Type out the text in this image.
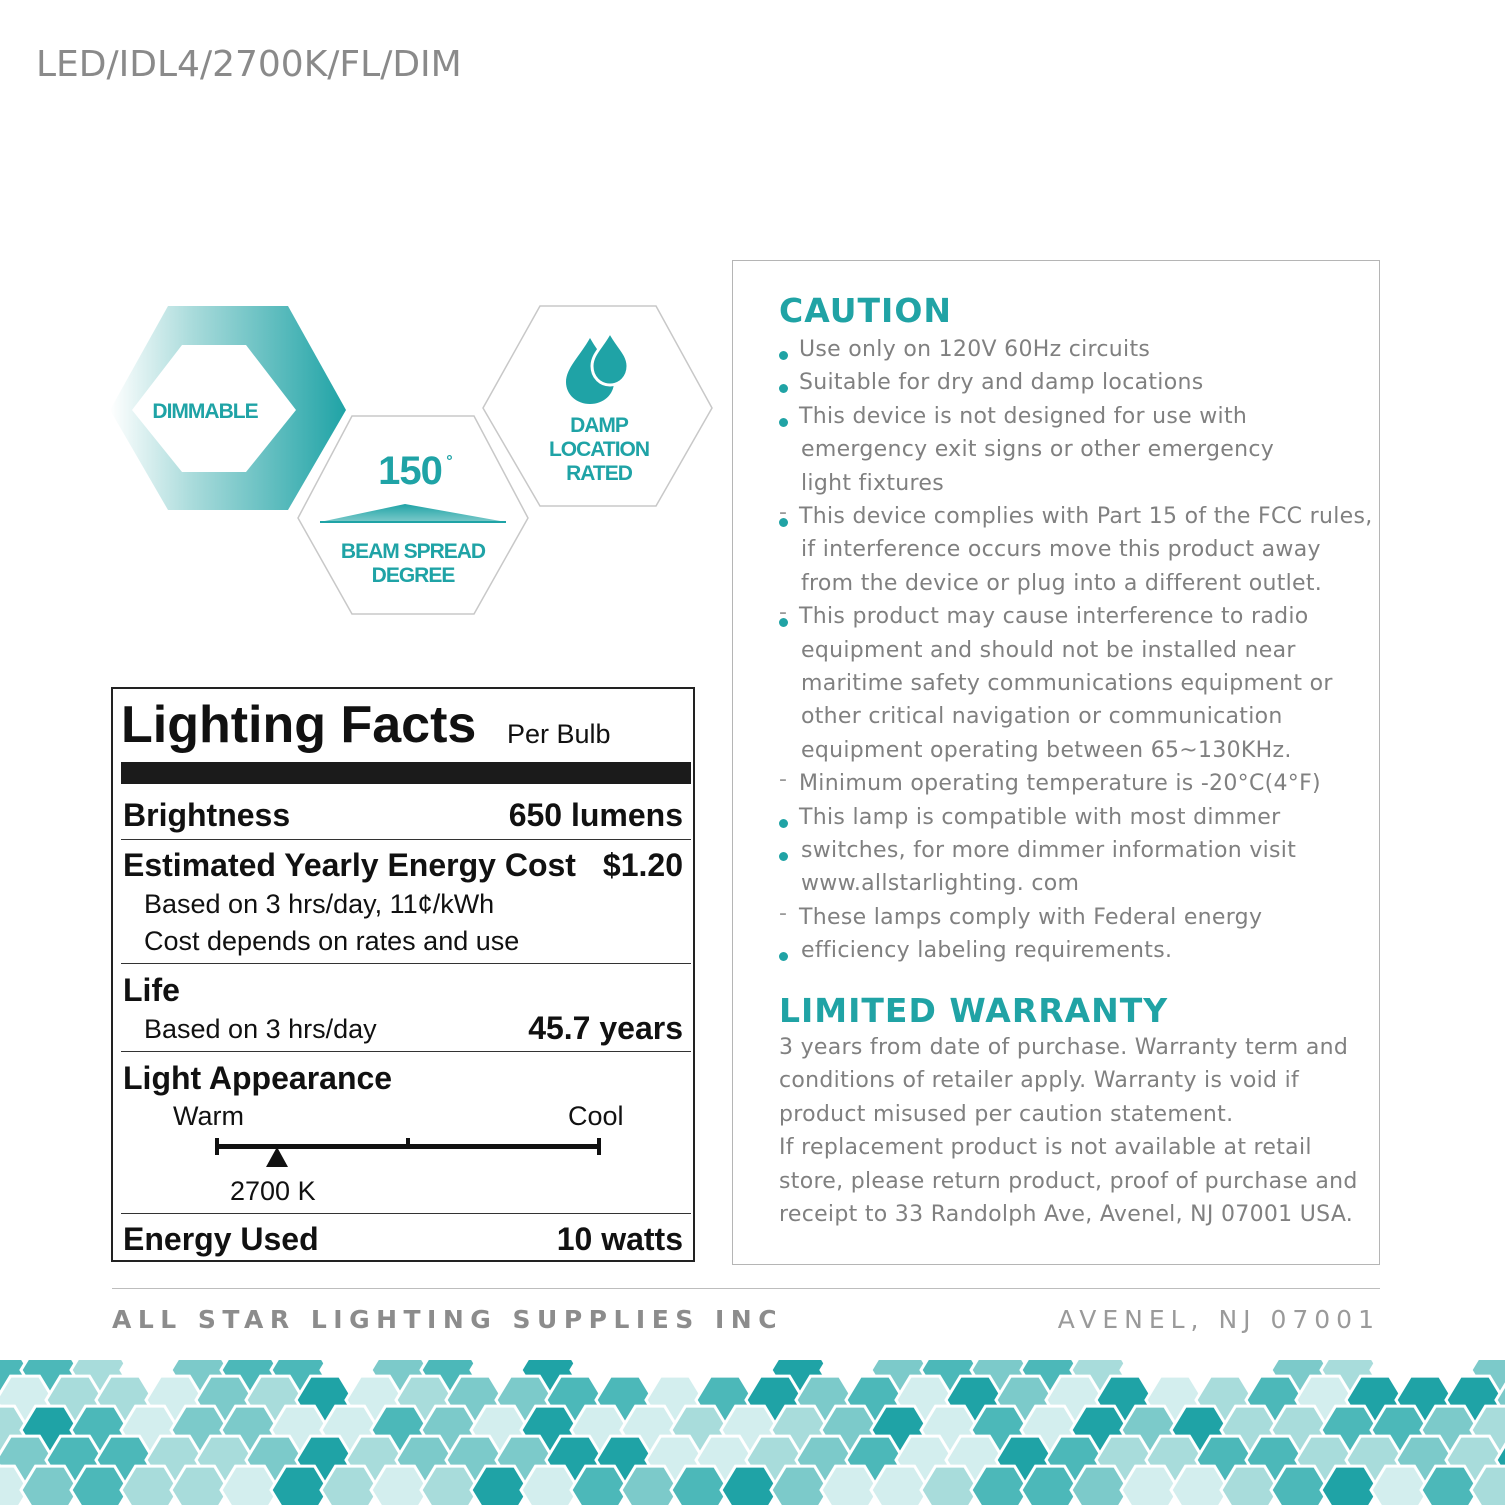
LED/IDL4/2700K/FL/DIM
DIMMABLE
150 °
BEAM SPREAD
DEGREE
DAMP
LOCATION
RATED
Lighting Facts Per Bulb
Brightness	650 lumens
Estimated Yearly Energy Cost $1.20
Based on 3 hrs/day, 11¢/kWh
Cost depends on rates and use
Life
Based on 3 hrs/day	45.7 years
Light Appearance
Warm	Cool
2700 K
Energy Used	10 watts
CAUTION
Use only on 120V 60Hz circuits
Suitable for dry and damp locations
This device is not designed for use with
emergency exit signs or other emergency
light fixtures
This device complies with Part 15 of the FCC rules,
-
if interference occurs move this product away
from the device or plug into a different outlet.
This product may cause interference to radio
-
equipment and should not be installed near
maritime safety communications equipment or
other critical navigation or communication
equipment operating between 65~130KHz.
Minimum operating temperature is -20°C(4°F)
-
This lamp is compatible with most dimmer
switches, for more dimmer information visit
www.allstarlighting. com
These lamps comply with Federal energy
-
efficiency labeling requirements.
LIMITED WARRANTY
3 years from date of purchase. Warranty term and
conditions of retailer apply. Warranty is void if
product misused per caution statement.
If replacement product is not available at retail
store, please return product, proof of purchase and
receipt to 33 Randolph Ave, Avenel, NJ 07001 USA.
ALL STAR LIGHTING SUPPLIES INC	AVENEL, NJ 07001
